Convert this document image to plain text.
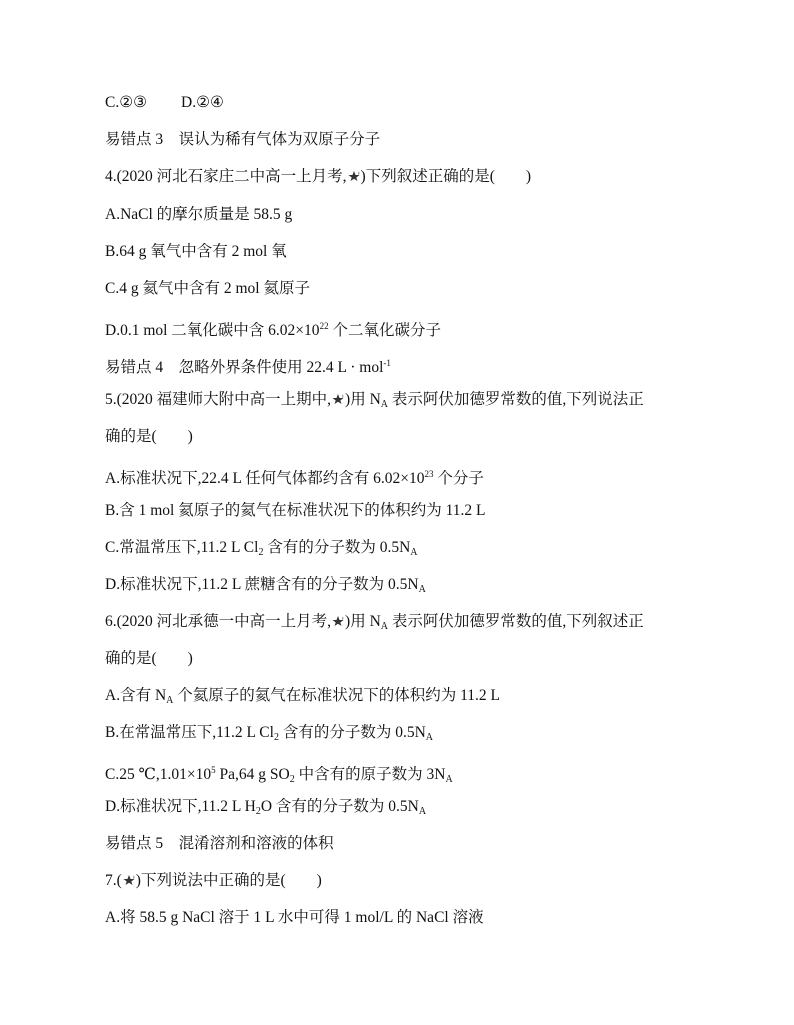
C.②③ D.②④
易错点 3　误认为稀有气体为双原子分子
4.(2020 河北石家庄二中高一上月考, )下列叙述正确的是(　　)
A.NaCl 的摩尔质量是 58.5 g
B.64 g 氧气中含有 2 mol 氧
C.4 g 氦气中含有 2 mol 氦原子
D.0.1 mol 二氧化碳中含 $6.02\times 10^{22}$ 个二氧化碳分子
易错点 4　忽略外界条件使用 22.4 L · mol$^{-1}$
5.(2020 福建师大附中高一上期中, )用 $N_A$ 表示阿伏加德罗常数的值,下列说法正
确的是(　　)
A.标准状况下,22.4 L 任何气体都约含有 $6.02\times 10^{23}$ 个分子
B.含 1 mol 氦原子的氦气在标准状况下的体积约为 11.2 L
C.常温常压下,11.2 L $Cl_2$ 含有的分子数为 $0.5N_A$
D.标准状况下,11.2 L 蔗糖含有的分子数为 $0.5N_A$
6.(2020 河北承德一中高一上月考, )用 $N_A$ 表示阿伏加德罗常数的值,下列叙述正
确的是(　　)
A.含有 $N_A$ 个氦原子的氦气在标准状况下的体积约为 11.2 L
B.在常温常压下,11.2 L $Cl_2$ 含有的分子数为 $0.5N_A$
C.25 $℃,1.01\times 10^5$ Pa,64 g $SO_2$ 中含有的原子数为 $3N_A$
D.标准状况下,11.2 L $H_2O$ 含有的分子数为 $0.5N_A$
易错点 5　混淆溶剂和溶液的体积
7.( )下列说法中正确的是(　　)
A.将 58.5 g NaCl 溶于 1 L 水中可得 1 mol/L 的 NaCl 溶液
